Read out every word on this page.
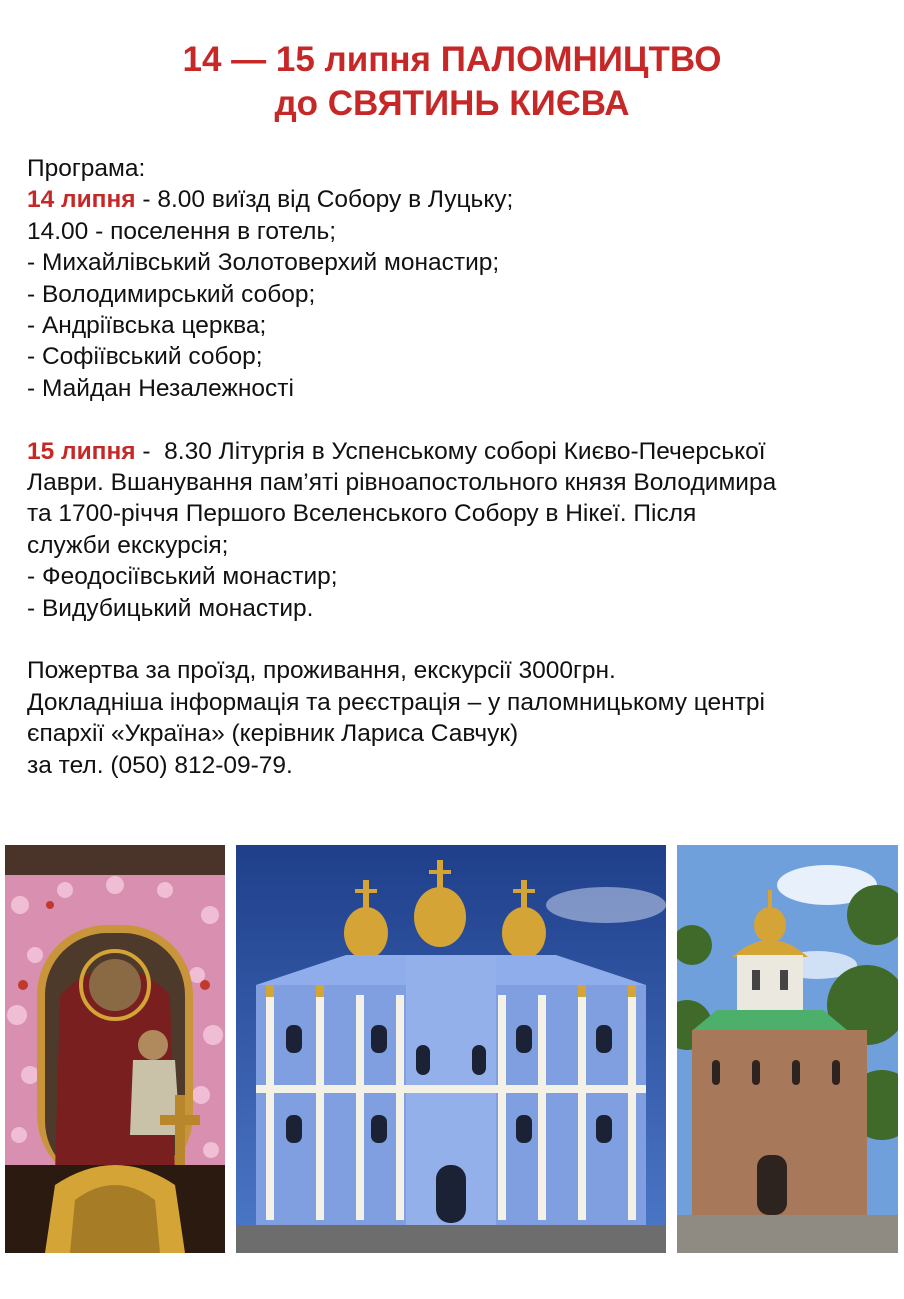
14 — 15 липня ПАЛОМНИЦТВО
до СВЯТИНЬ КИЄВА
Програма:
14 липня - 8.00 виїзд від Собору в Луцьку;
14.00 - поселення в готель;
- Михайлівський Золотоверхий монастир;
- Володимирський собор;
- Андріївська церква;
- Софіївський собор;
- Майдан Незалежності
15 липня -  8.30 Літургія в Успенському соборі Києво-Печерської
Лаври. Вшанування пам’яті рівноапостольного князя Володимира
та 1700-річчя Першого Вселенського Собору в Нікеї. Після
служби екскурсія;
- Феодосіївський монастир;
- Видубицький монастир.
Пожертва за проїзд, проживання, екскурсії 3000грн.
Докладніша інформація та реєстрація – у паломницькому центрі
єпархії «Україна» (керівник Лариса Савчук)
за тел. (050) 812-09-79.
